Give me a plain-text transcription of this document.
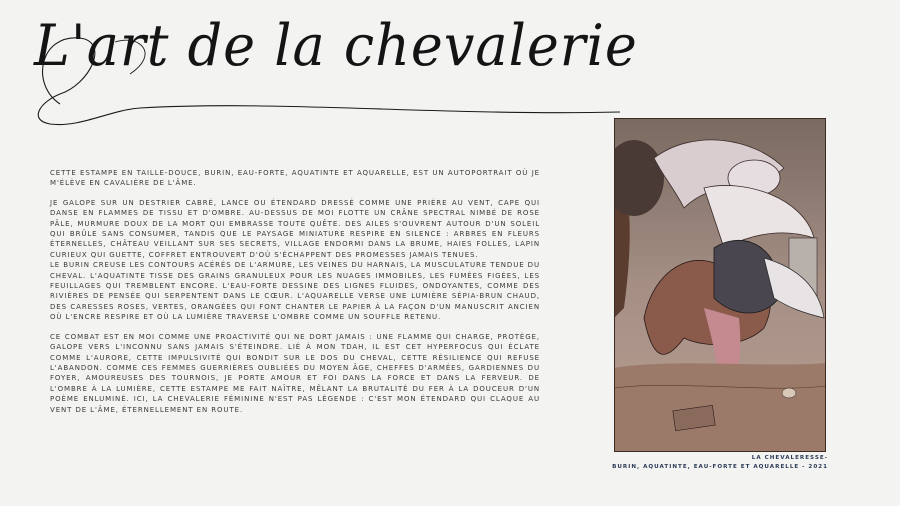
L'art de la chevalerie

CETTE ESTAMPE EN TAILLE-DOUCE, BURIN, EAU-FORTE, AQUATINTE ET AQUARELLE, EST UN AUTOPORTRAIT OÙ JE M'ÉLÈVE EN CAVALIÈRE DE L'ÂME.

JE GALOPE SUR UN DESTRIER CABRÉ, LANCE OU ÉTENDARD DRESSÉ COMME UNE PRIÈRE AU VENT, CAPE QUI DANSE EN FLAMMES DE TISSU ET D'OMBRE. AU-DESSUS DE MOI FLOTTE UN CRÂNE SPECTRAL NIMBÉ DE ROSE PÂLE, MURMURE DOUX DE LA MORT QUI EMBRASSE TOUTE QUÊTE. DES AILES S'OUVRENT AUTOUR D'UN SOLEIL QUI BRÛLE SANS CONSUMER, TANDIS QUE LE PAYSAGE MINIATURE RESPIRE EN SILENCE : ARBRES EN FLEURS ÉTERNELLES, CHÂTEAU VEILLANT SUR SES SECRETS, VILLAGE ENDORMI DANS LA BRUME, HAIES FOLLES, LAPIN CURIEUX QUI GUETTE, COFFRET ENTROUVERT D'OÙ S'ÉCHAPPENT DES PROMESSES JAMAIS TENUES.

LE BURIN CREUSE LES CONTOURS ACÉRÉS DE L'ARMURE, LES VEINES DU HARNAIS, LA MUSCULATURE TENDUE DU CHEVAL. L'AQUATINTE TISSE DES GRAINS GRANULEUX POUR LES NUAGES IMMOBILES, LES FUMÉES FIGÉES, LES FEUILLAGES QUI TREMBLENT ENCORE. L'EAU-FORTE DESSINE DES LIGNES FLUIDES, ONDOYANTES, COMME DES RIVIÈRES DE PENSÉE QUI SERPENTENT DANS LE CŒUR. L'AQUARELLE VERSE UNE LUMIÈRE SÉPIA-BRUN CHAUD, DES CARESSES ROSES, VERTES, ORANGÉES QUI FONT CHANTER LE PAPIER À LA FAÇON D'UN MANUSCRIT ANCIEN OÙ L'ENCRE RESPIRE ET OÙ LA LUMIÈRE TRAVERSE L'OMBRE COMME UN SOUFFLE RETENU.

CE COMBAT EST EN MOI COMME UNE PROACTIVITÉ QUI NE DORT JAMAIS : UNE FLAMME QUI CHARGE, PROTÈGE, GALOPE VERS L'INCONNU SANS JAMAIS S'ÉTEINDRE. LIÉ À MON TDAH, IL EST CET HYPERFOCUS QUI ÉCLATE COMME L'AURORE, CETTE IMPULSIVITÉ QUI BONDIT SUR LE DOS DU CHEVAL, CETTE RÉSILIENCE QUI REFUSE L'ABANDON. COMME CES FEMMES GUERRIÈRES OUBLIÉES DU MOYEN ÂGE, CHEFFES D'ARMÉES, GARDIENNES DU FOYER, AMOUREUSES DES TOURNOIS, JE PORTE AMOUR ET FOI DANS LA FORCE ET DANS LA FERVEUR. DE L'OMBRE À LA LUMIÈRE, CETTE ESTAMPE ME FAIT NAÎTRE, MÊLANT LA BRUTALITÉ DU FER À LA DOUCEUR D'UN POÈME ENLUMINÉ. ICI, LA CHEVALERIE FÉMININE N'EST PAS LÉGENDE : C'EST MON ÉTENDARD QUI CLAQUE AU VENT DE L'ÂME, ÉTERNELLEMENT EN ROUTE.

LA CHEVALERESSE-
BURIN, AQUATINTE, EAU-FORTE ET AQUARELLE - 2021
